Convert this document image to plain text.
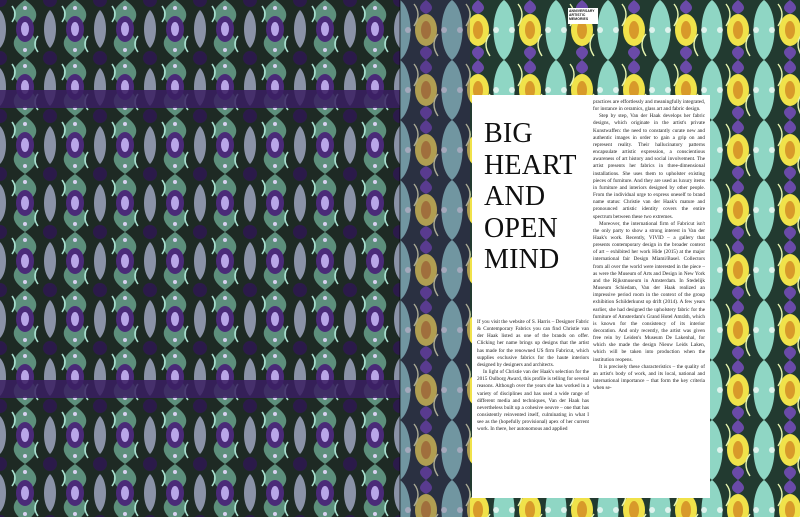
ANNIVERSARY
ARTISTIC MEMORIES
BIG
HEART
AND
OPEN
MIND

If you visit the website of S. Harris – Designer Fabric & Contemporary Fabrics you can find Christie van der Haak listed as one of the brands on offer. Clicking her name brings up designs that the artist has made for the renowned US firm Fabricut, which supplies exclusive fabrics for the haute interiors designed by designers and architects.

In light of Christie van der Haak's selection for the 2015 Oulborg Award, this profile is telling for several reasons. Although over the years she has worked in a variety of disciplines and has used a wide range of different media and techniques, Van der Haak has nevertheless built up a cohesive oeuvre – one that has consistently reinvented itself, culminating in what I see as the (hopefully provisional) apex of her current work. In there, her autonomous and applied

practices are effortlessly and meaningfully integrated, for instance in ceramics, glass art and fabric design.

Step by step, Van der Haak develops her fabric designs, which originate in the artist's private Kunstwaffen: the need to constantly curate new and authentic images in order to gain a grip on and represent reality. Their hallucinatory patterns encapsulate artistic expression, a conscientious awareness of art history and social involvement. The artist presents her fabrics in three-dimensional installations. She uses them to upholster existing pieces of furniture. And they are used as luxury items in furniture and interiors designed by other people. From the individual urge to express oneself to brand name status: Christie van der Haak's mature and pronounced artistic identity covers the entire spectrum between these two extremes.

Moreover, the international firm of Fabricut isn't the only party to show a strong interest in Van der Haak's work. Recently, VIVID – a gallery that presents contemporary design in the broader context of art – exhibited her work Hide (2015) at the major international fair Design Miami/Basel. Collectors from all over the world were interested in the piece – as were the Museum of Arts and Design in New York and the Rijksmuseum in Amsterdam. In Stedelijk Museum Schiedam, Van der Haak realized an impressive period room in the context of the group exhibition Schilderkunst op drift (2014). A few years earlier, she had designed the upholstery fabric for the furniture of Amsterdam's Grand Hotel Amrâth, which is known for the consistency of its interior decoration. And only recently, the artist was given free rein by Leiden's Museum De Lakenhal, for which she made the design Nieuw Leids Laken, which will be taken into production when the institution reopens.

It is precisely these characteristics – the quality of an artist's body of work, and its local, national and international importance – that form the key criteria when se-
